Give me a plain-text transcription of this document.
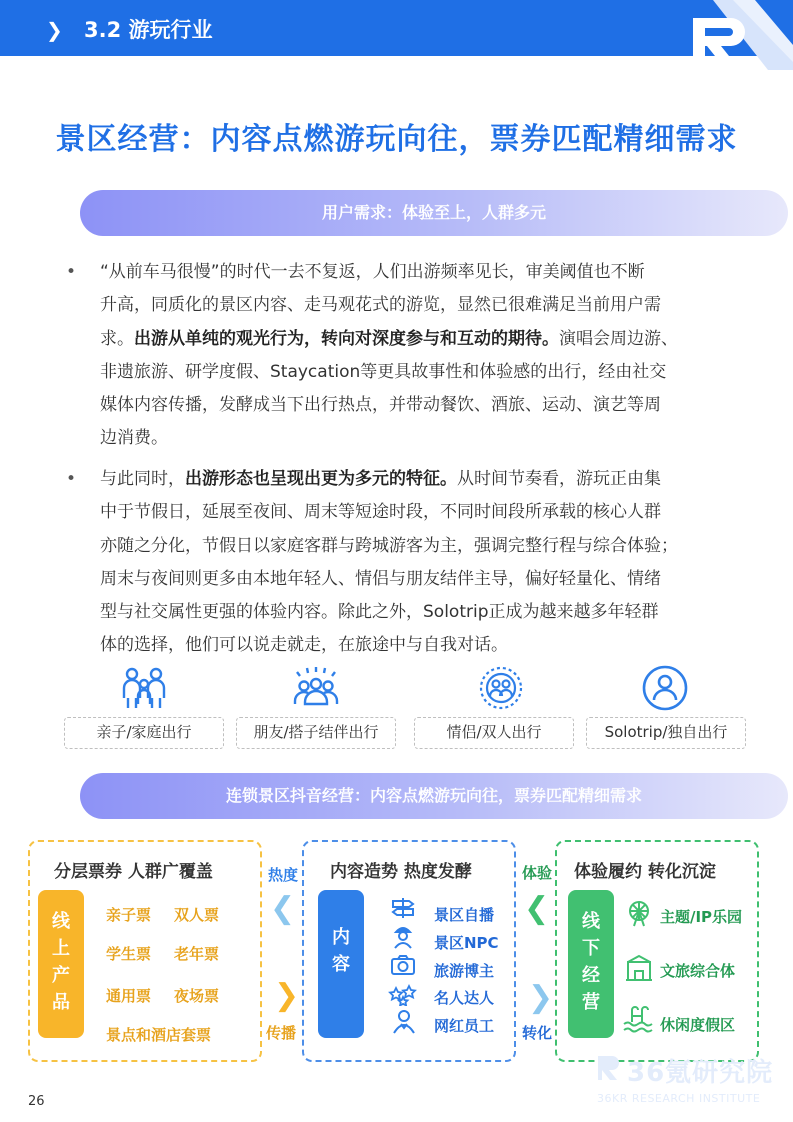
❯ 3.2 游玩行业
景区经营：内容点燃游玩向往，票券匹配精细需求
用户需求：体验至上，人群多元
• “从前车马很慢”的时代一去不复返，人们出游频率见长，审美阈值也不断
升高，同质化的景区内容、走马观花式的游览，显然已很难满足当前用户需
求。出游从单纯的观光行为，转向对深度参与和互动的期待。演唱会周边游、
非遗旅游、研学度假、Staycation等更具故事性和体验感的出行，经由社交
媒体内容传播，发酵成当下出行热点，并带动餐饮、酒旅、运动、演艺等周
边消费。
• 与此同时，出游形态也呈现出更为多元的特征。从时间节奏看，游玩正由集
中于节假日，延展至夜间、周末等短途时段，不同时间段所承载的核心人群
亦随之分化，节假日以家庭客群与跨城游客为主，强调完整行程与综合体验；
周末与夜间则更多由本地年轻人、情侣与朋友结伴主导，偏好轻量化、情绪
型与社交属性更强的体验内容。除此之外，Solotrip正成为越来越多年轻群
体的选择，他们可以说走就走，在旅途中与自我对话。
亲子/家庭出行	朋友/搭子结伴出行	情侣/双人出行	Solotrip/独自出行
连锁景区抖音经营：内容点燃游玩向往，票券匹配精细需求
分层票券 人群广覆盖
线
上
产
品
亲子票 双人票
学生票 老年票
通用票 夜场票
景点和酒店套票
热度
❮
❯
传播
内容造势 热度发酵
内
容
景区自播
景区NPC
旅游博主
名人达人
网红员工
体验
❮
❯
转化
体验履约 转化沉淀
线
下
经
营
主题/IP乐园
文旅综合体
休闲度假区
36氪研究院
36KR RESEARCH INSTITUTE
26
